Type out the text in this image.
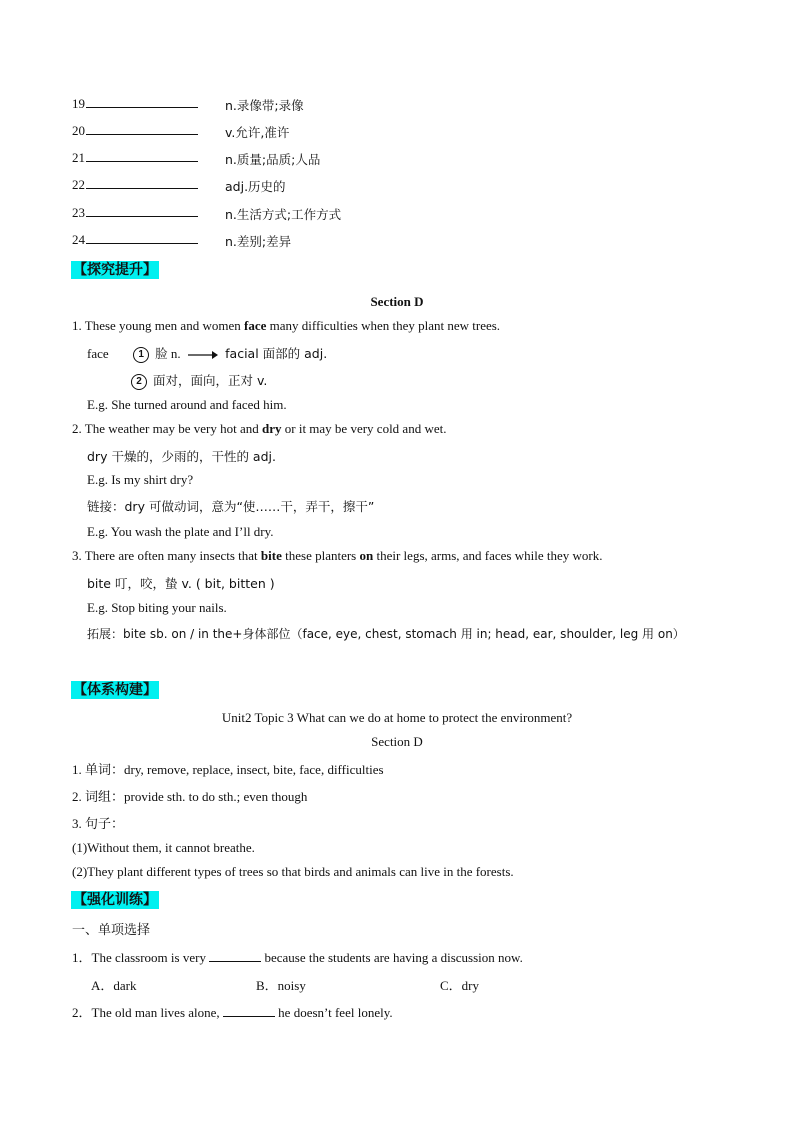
19	n.录像带;录像
20	v.允许,准许
21	n.质量;品质;人品
22	adj.历史的
23	n.生活方式;工作方式
24	n.差别;差异
【探究提升】
Section D
1. These young men and women face many difficulties when they plant new trees.
face	1 脸 n.	facial 面部的 adj.
2 面对，面向，正对 v.
E.g. She turned around and faced him.
2. The weather may be very hot and dry or it may be very cold and wet.
dry 干燥的，少雨的，干性的 adj.
E.g. Is my shirt dry?
链接：dry 可做动词，意为“使……干，弄干，擦干”
E.g. You wash the plate and I’ll dry.
3. There are often many insects that bite these planters on their legs, arms, and faces while they work.
bite 叮，咬，蛰 v. ( bit, bitten )
E.g. Stop biting your nails.
拓展：bite sb. on / in the+身体部位（face, eye, chest, stomach 用 in; head, ear, shoulder, leg 用 on）
【体系构建】
Unit2 Topic 3 What can we do at home to protect the environment?
Section D
1. 单词：dry, remove, replace, insect, bite, face, difficulties
2. 词组：provide sth. to do sth.; even though
3. 句子：
(1)Without them, it cannot breathe.
(2)They plant different types of trees so that birds and animals can live in the forests.
【强化训练】
一、单项选择
1．The classroom is very	because the students are having a discussion now.
A．dark	B．noisy	C．dry
2．The old man lives alone,	he doesn’t feel lonely.
